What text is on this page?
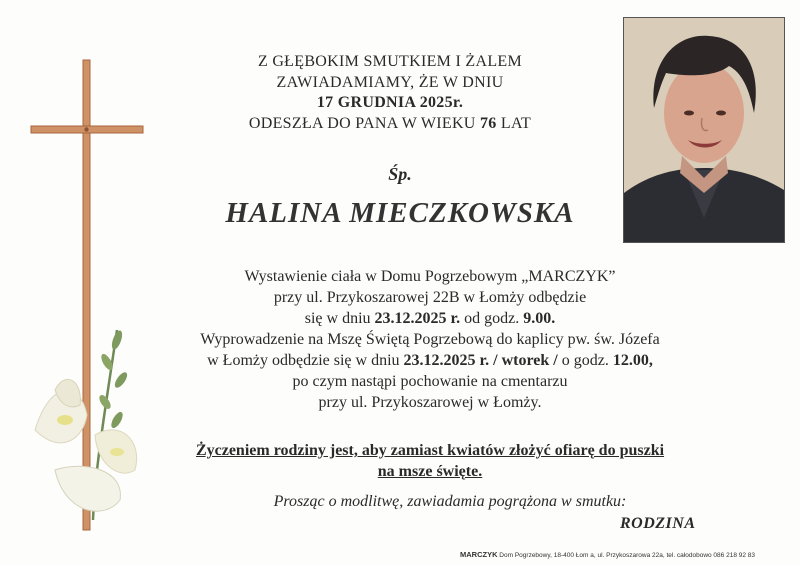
Z GŁĘBOKIM SMUTKIEM I ŻALEM
ZAWIADAMIAMY, ŻE W DNIU
17 GRUDNIA 2025r.
ODESZŁA DO PANA W WIEKU 76 LAT
Śp.
HALINA MIECZKOWSKA
Wystawienie ciała w Domu Pogrzebowym „MARCZYK”
przy ul. Przykoszarowej 22B w Łomży odbędzie
się w dniu 23.12.2025 r. od godz. 9.00.
Wyprowadzenie na Mszę Świętą Pogrzebową do kaplicy pw. św. Józefa
w Łomży odbędzie się w dniu 23.12.2025 r. / wtorek / o godz. 12.00,
po czym nastąpi pochowanie na cmentarzu
przy ul. Przykoszarowej w Łomży.
Życzeniem rodziny jest, aby zamiast kwiatów złożyć ofiarę do puszki
na msze święte.
Prosząc o modlitwę, zawiadamia pogrążona w smutku:
RODZINA
MARCZYK Dom Pogrzebowy, 18-400 Łom a, ul. Przykoszarowa 22a, tel. całodobowo 086 218 92 83
